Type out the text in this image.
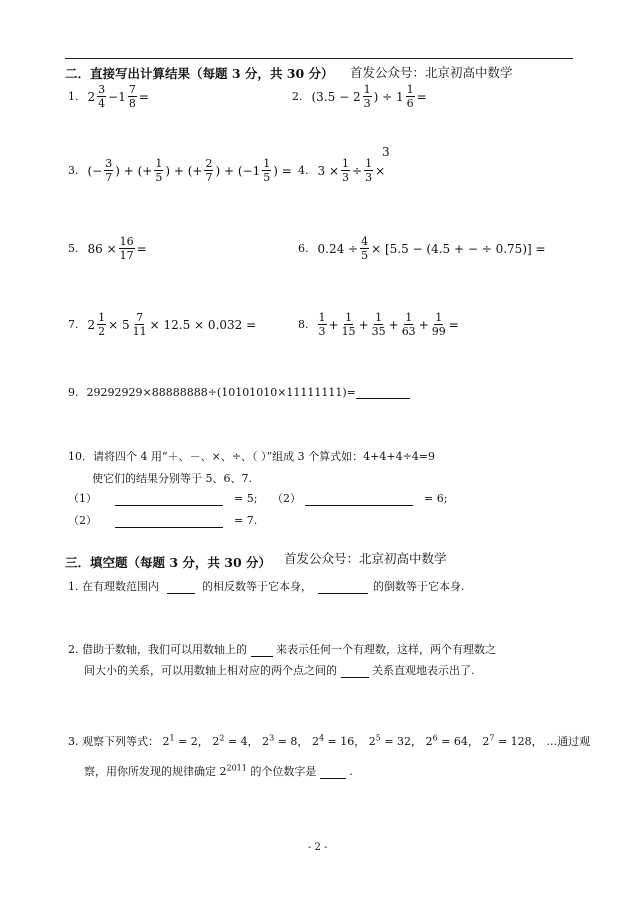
二．直接写出计算结果（每题 3 分，共 30 分） 首发公众号：北京初高中数学
1. $2 \frac{3}{4} -1 \frac{7}{8}$ =	2. ($3.5 - 2 \frac{1}{3}$ ) ÷ $1 \frac{1}{6}$ =
3. (− $\frac{3}{7}$ ) + (+ $\frac{1}{5}$ ) + (+ $\frac{2}{7}$ ) + ($-1 \frac{1}{5}$ ) = 4. $3 \times \frac{1}{3} \div \frac{1}{3}$ ×
3
5. $86 \times \frac{16}{17}$ =	6. $0.24 \div \frac{4}{5} \times [5.5 - (4.5$ + − ÷ 0.75)] =
7. $2 \frac{1}{2} \times 5 \frac{7}{11} \times 12.5 \times 0.032$ =	8. $\frac{1}{3} + \frac{1}{15} + \frac{1}{35} + \frac{1}{63} + \frac{1}{99}$ =
9. 29292929×88888888÷(10101010×11111111)=
10．请将四个 4 用“＋、－、×、÷、（ ）”组成 3 个算式如：4+4+4÷4=9
使它们的结果分别等于 5、6、7.
（1）	= 5; （2）	= 6;
（2）	= 7.
三．填空题（每题 3 分，共 30 分） 首发公众号：北京初高中数学
1. 在有理数范围内	的相反数等于它本身，	的倒数等于它本身.
2. 借助于数轴，我们可以用数轴上的	来表示任何一个有理数，这样，两个有理数之
间大小的关系，可以用数轴上相对应的两个点之间的	关系直观地表示出了.
3. 观察下列等式： $2^1 = 2$， $2^2 = 4$， $2^3 = 8$， $2^4 = 16$， $2^5 = 32$， $2^6 = 64$， $2^7 = 128$， …通过观
察，用你所发现的规律确定 $2^{2011}$ 的个位数字是	.
- 2 -
